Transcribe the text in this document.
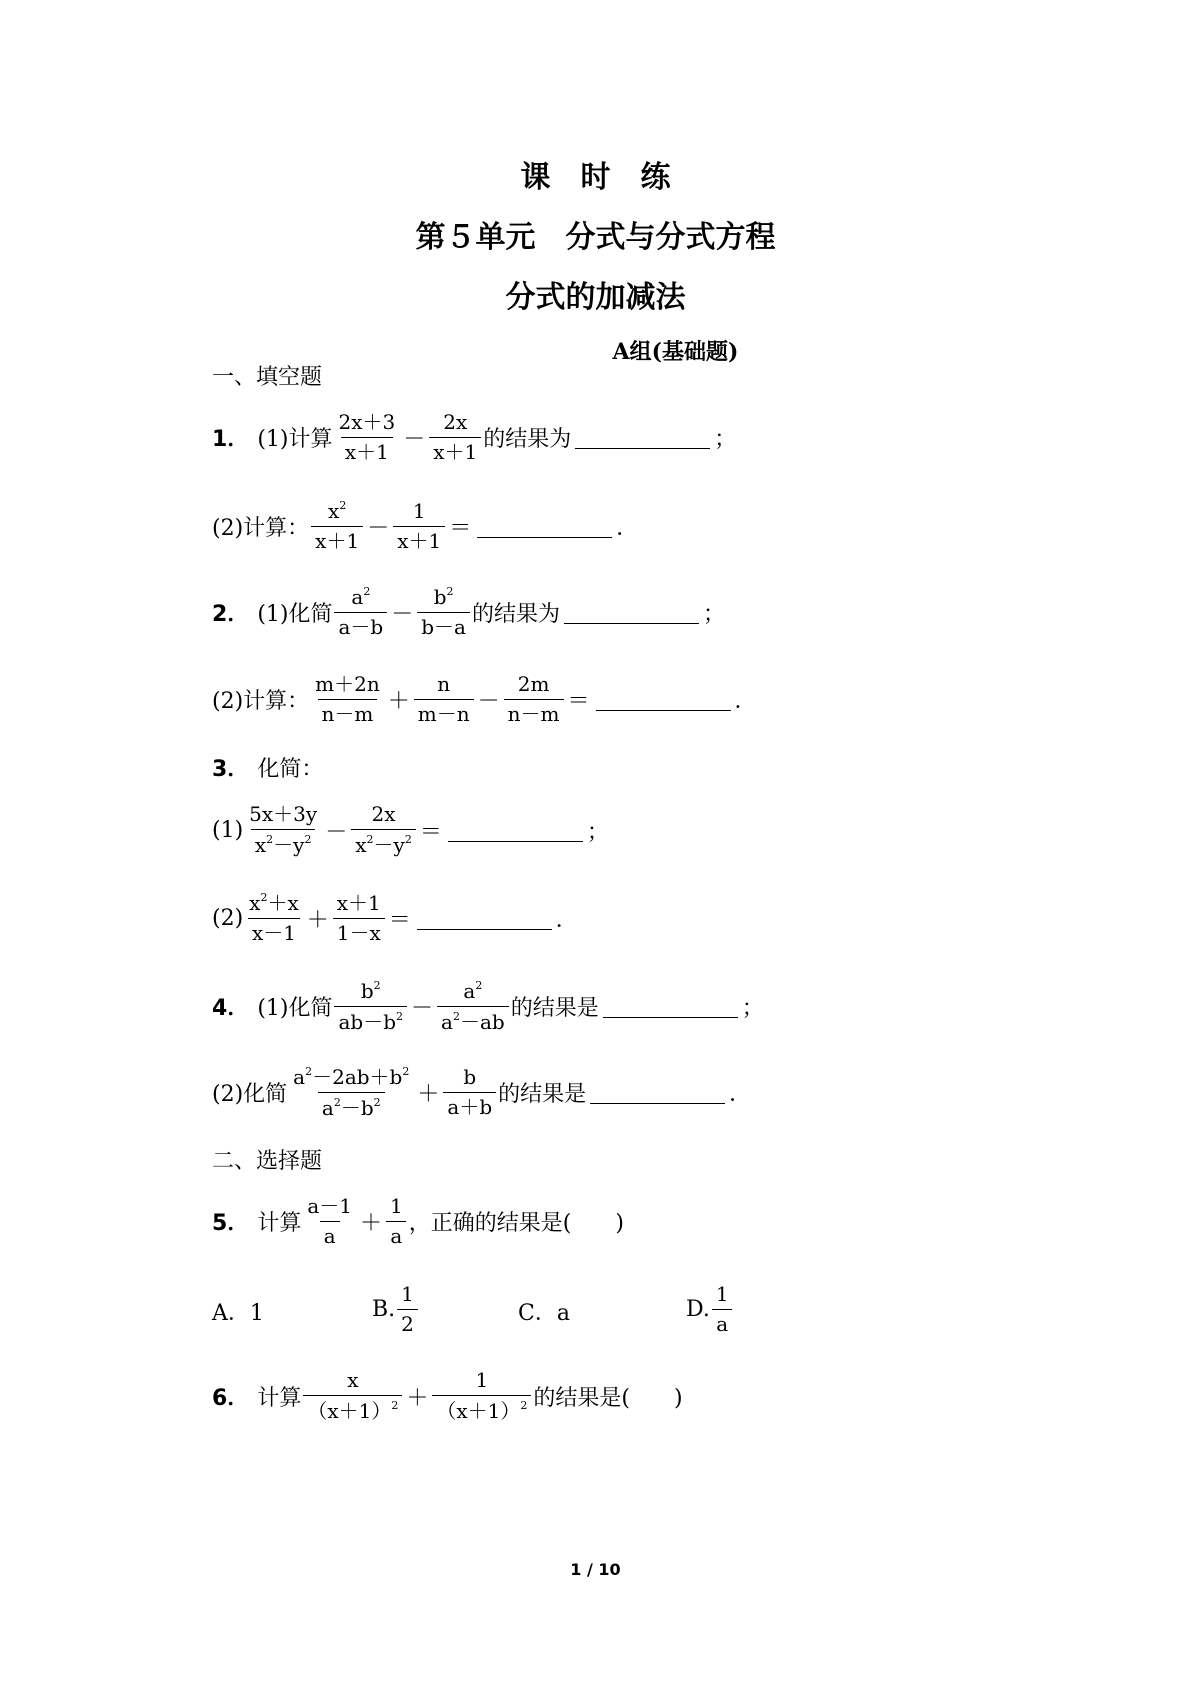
课　时　练
第５单元　分式与分式方程
分式的加减法
A组(基础题)
一、填空题
1． (1)计算 $\frac{2x+3}{x+1} - \frac{2x}{x+1}$ 的结果为	；
(2)计算： $\frac{x^2}{x+1} - \frac{1}{x+1}$ ＝	．
2． (1)化简 $\frac{a^2}{a-b} - \frac{b^2}{b-a}$ 的结果为	；
(2)计算： $\frac{m+2n}{n-m} + \frac{n}{m-n} - \frac{2m}{n-m}$ ＝	．
3． 化简：
$(1) \frac{5x+3y}{x^2-y^2} - \frac{2x}{x^2-y^2}$ ＝	；
$(2) \frac{x^2+x}{x-1} + \frac{x+1}{1-x}$ ＝	．
4． (1)化简 $\frac{b^2}{ab-b^2} - \frac{a^2}{a^2-ab}$ 的结果是	；
(2)化简 $\frac{a^2-2ab+b^2}{a^2-b^2} + \frac{b}{a+b}$ 的结果是	．
二、选择题
5． 计算 $\frac{a-1}{a} + \frac{1}{a}$ ，正确的结果是(　　)
A．1	B. $\frac{1}{2}$	C．a	D. $\frac{1}{a}$
6． 计算 $\frac{x}{(x+1)^2} + \frac{1}{(x+1)^2}$ 的结果是(　　)
1 / 10
